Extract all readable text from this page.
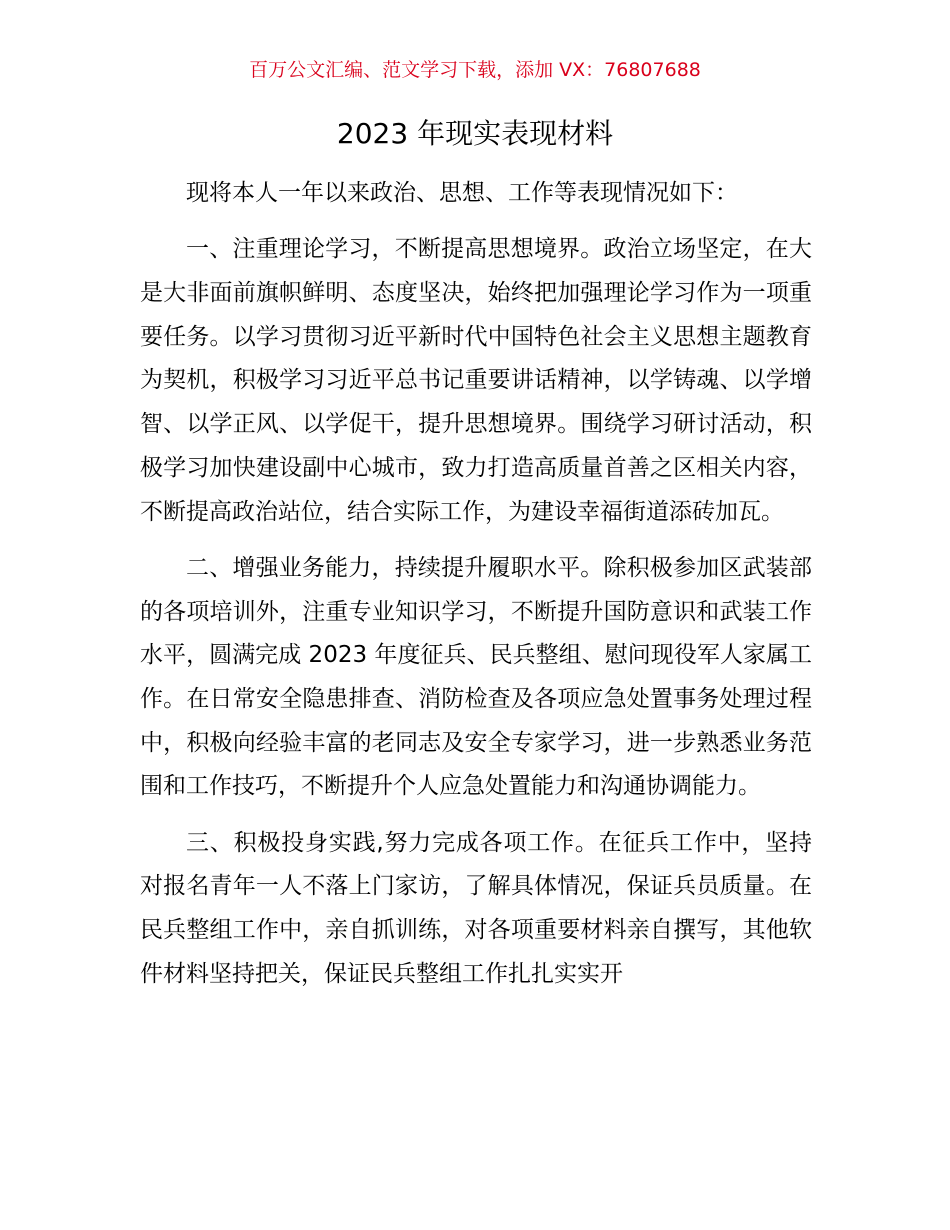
百万公文汇编、范文学习下载，添加 VX：76807688
2023 年现实表现材料

现将本人一年以来政治、思想、工作等表现情况如下：

一、注重理论学习，不断提高思想境界。政治立场坚定，在大是大非面前旗帜鲜明、态度坚决，始终把加强理论学习作为一项重要任务。以学习贯彻习近平新时代中国特色社会主义思想主题教育为契机，积极学习习近平总书记重要讲话精神，以学铸魂、以学增智、以学正风、以学促干，提升思想境界。围绕学习研讨活动，积极学习加快建设副中心城市，致力打造高质量首善之区相关内容，不断提高政治站位，结合实际工作，为建设幸福街道添砖加瓦。

二、增强业务能力，持续提升履职水平。除积极参加区武装部的各项培训外，注重专业知识学习，不断提升国防意识和武装工作水平，圆满完成 2023 年度征兵、民兵整组、慰问现役军人家属工作。在日常安全隐患排查、消防检查及各项应急处置事务处理过程中，积极向经验丰富的老同志及安全专家学习，进一步熟悉业务范围和工作技巧，不断提升个人应急处置能力和沟通协调能力。

三、积极投身实践,努力完成各项工作。在征兵工作中，坚持对报名青年一人不落上门家访，了解具体情况，保证兵员质量。在民兵整组工作中，亲自抓训练，对各项重要材料亲自撰写，其他软件材料坚持把关，保证民兵整组工作扎扎实实开
